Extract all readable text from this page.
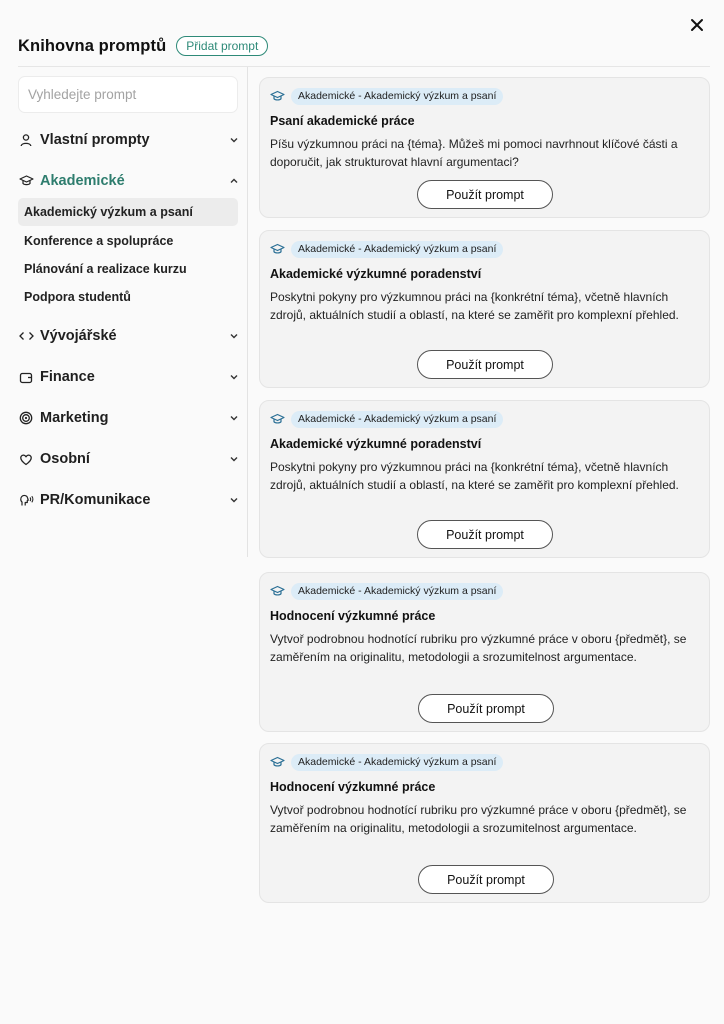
Knihovna promptů	Přidat prompt
Vyhledejte prompt
Vlastní prompty
Akademické
Akademický výzkum a psaní
Konference a spolupráce
Plánování a realizace kurzu
Podpora studentů
Vývojářské
Finance
Marketing
Osobní
PR/Komunikace
Akademické - Akademický výzkum a psaní
Psaní akademické práce
Píšu výzkumnou práci na {téma}. Můžeš mi pomoci navrhnout klíčové části a doporučit, jak strukturovat hlavní argumentaci?
Použít prompt
Akademické - Akademický výzkum a psaní
Akademické výzkumné poradenství
Poskytni pokyny pro výzkumnou práci na {konkrétní téma}, včetně hlavních zdrojů, aktuálních studií a oblastí, na které se zaměřit pro komplexní přehled.
Použít prompt
Akademické - Akademický výzkum a psaní
Akademické výzkumné poradenství
Poskytni pokyny pro výzkumnou práci na {konkrétní téma}, včetně hlavních zdrojů, aktuálních studií a oblastí, na které se zaměřit pro komplexní přehled.
Použít prompt
Akademické - Akademický výzkum a psaní
Hodnocení výzkumné práce
Vytvoř podrobnou hodnotící rubriku pro výzkumné práce v oboru {předmět}, se zaměřením na originalitu, metodologii a srozumitelnost argumentace.
Použít prompt
Akademické - Akademický výzkum a psaní
Hodnocení výzkumné práce
Vytvoř podrobnou hodnotící rubriku pro výzkumné práce v oboru {předmět}, se zaměřením na originalitu, metodologii a srozumitelnost argumentace.
Použít prompt
